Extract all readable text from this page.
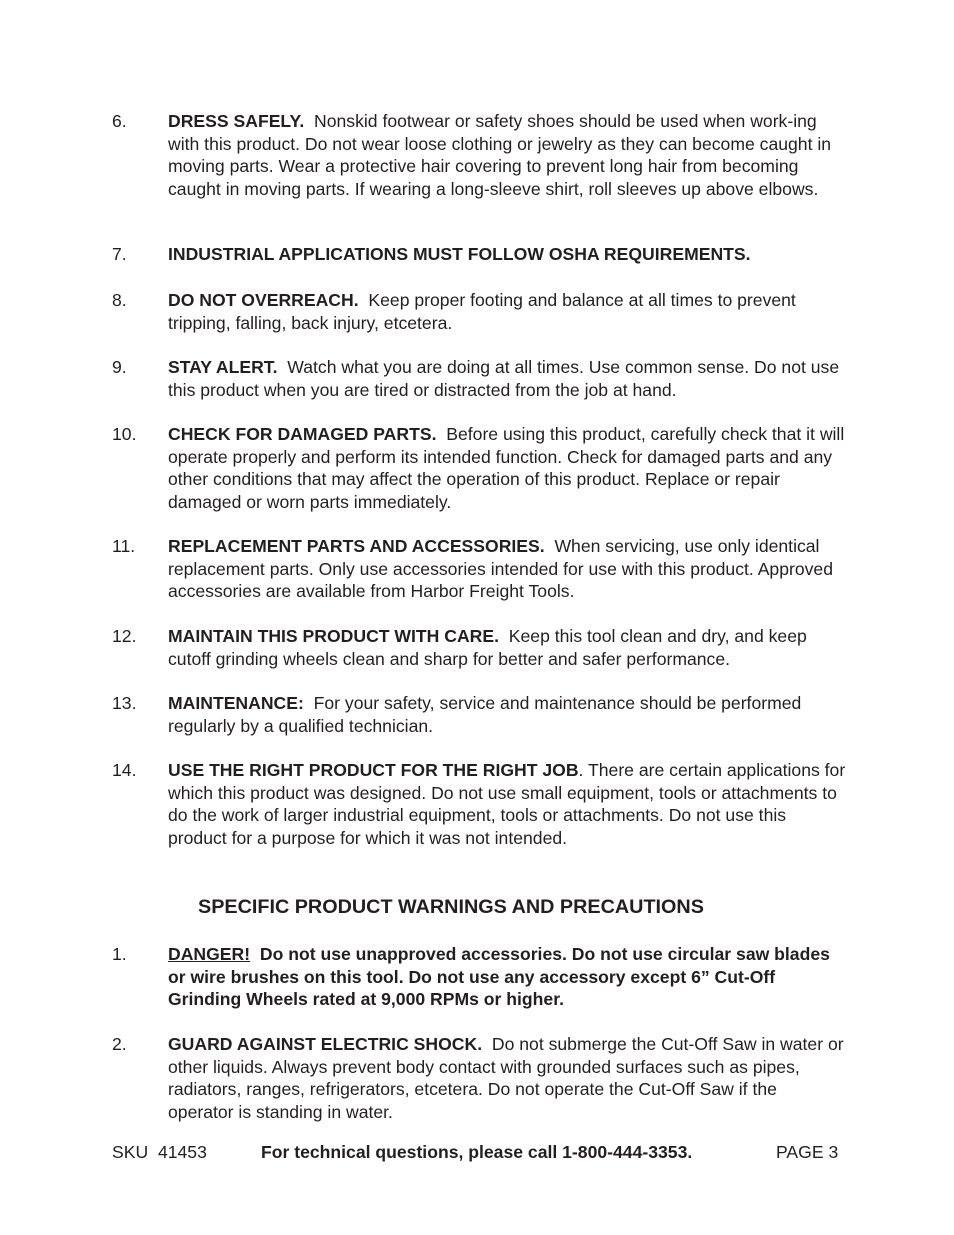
6.	DRESS SAFELY. Nonskid footwear or safety shoes should be used when work-ing with this product. Do not wear loose clothing or jewelry as they can become caught in moving parts. Wear a protective hair covering to prevent long hair from becoming caught in moving parts. If wearing a long-sleeve shirt, roll sleeves up above elbows.
7.	INDUSTRIAL APPLICATIONS MUST FOLLOW OSHA REQUIREMENTS.
8.	DO NOT OVERREACH. Keep proper footing and balance at all times to prevent tripping, falling, back injury, etcetera.
9.	STAY ALERT. Watch what you are doing at all times. Use common sense. Do not use this product when you are tired or distracted from the job at hand.
10.	CHECK FOR DAMAGED PARTS. Before using this product, carefully check that it will operate properly and perform its intended function. Check for damaged parts and any other conditions that may affect the operation of this product. Replace or repair damaged or worn parts immediately.
11.	REPLACEMENT PARTS AND ACCESSORIES. When servicing, use only identical replacement parts. Only use accessories intended for use with this product. Approved accessories are available from Harbor Freight Tools.
12.	MAINTAIN THIS PRODUCT WITH CARE. Keep this tool clean and dry, and keep cutoff grinding wheels clean and sharp for better and safer performance.
13.	MAINTENANCE: For your safety, service and maintenance should be performed regularly by a qualified technician.
14.	USE THE RIGHT PRODUCT FOR THE RIGHT JOB. There are certain applications for which this product was designed. Do not use small equipment, tools or attachments to do the work of larger industrial equipment, tools or attachments. Do not use this product for a purpose for which it was not intended.
SPECIFIC PRODUCT WARNINGS AND PRECAUTIONS
1.	DANGER! Do not use unapproved accessories. Do not use circular saw blades or wire brushes on this tool. Do not use any accessory except 6” Cut-Off Grinding Wheels rated at 9,000 RPMs or higher.
2.	GUARD AGAINST ELECTRIC SHOCK. Do not submerge the Cut-Off Saw in water or other liquids. Always prevent body contact with grounded surfaces such as pipes, radiators, ranges, refrigerators, etcetera. Do not operate the Cut-Off Saw if the operator is standing in water.
SKU  41453	For technical questions, please call 1-800-444-3353.	PAGE 3
